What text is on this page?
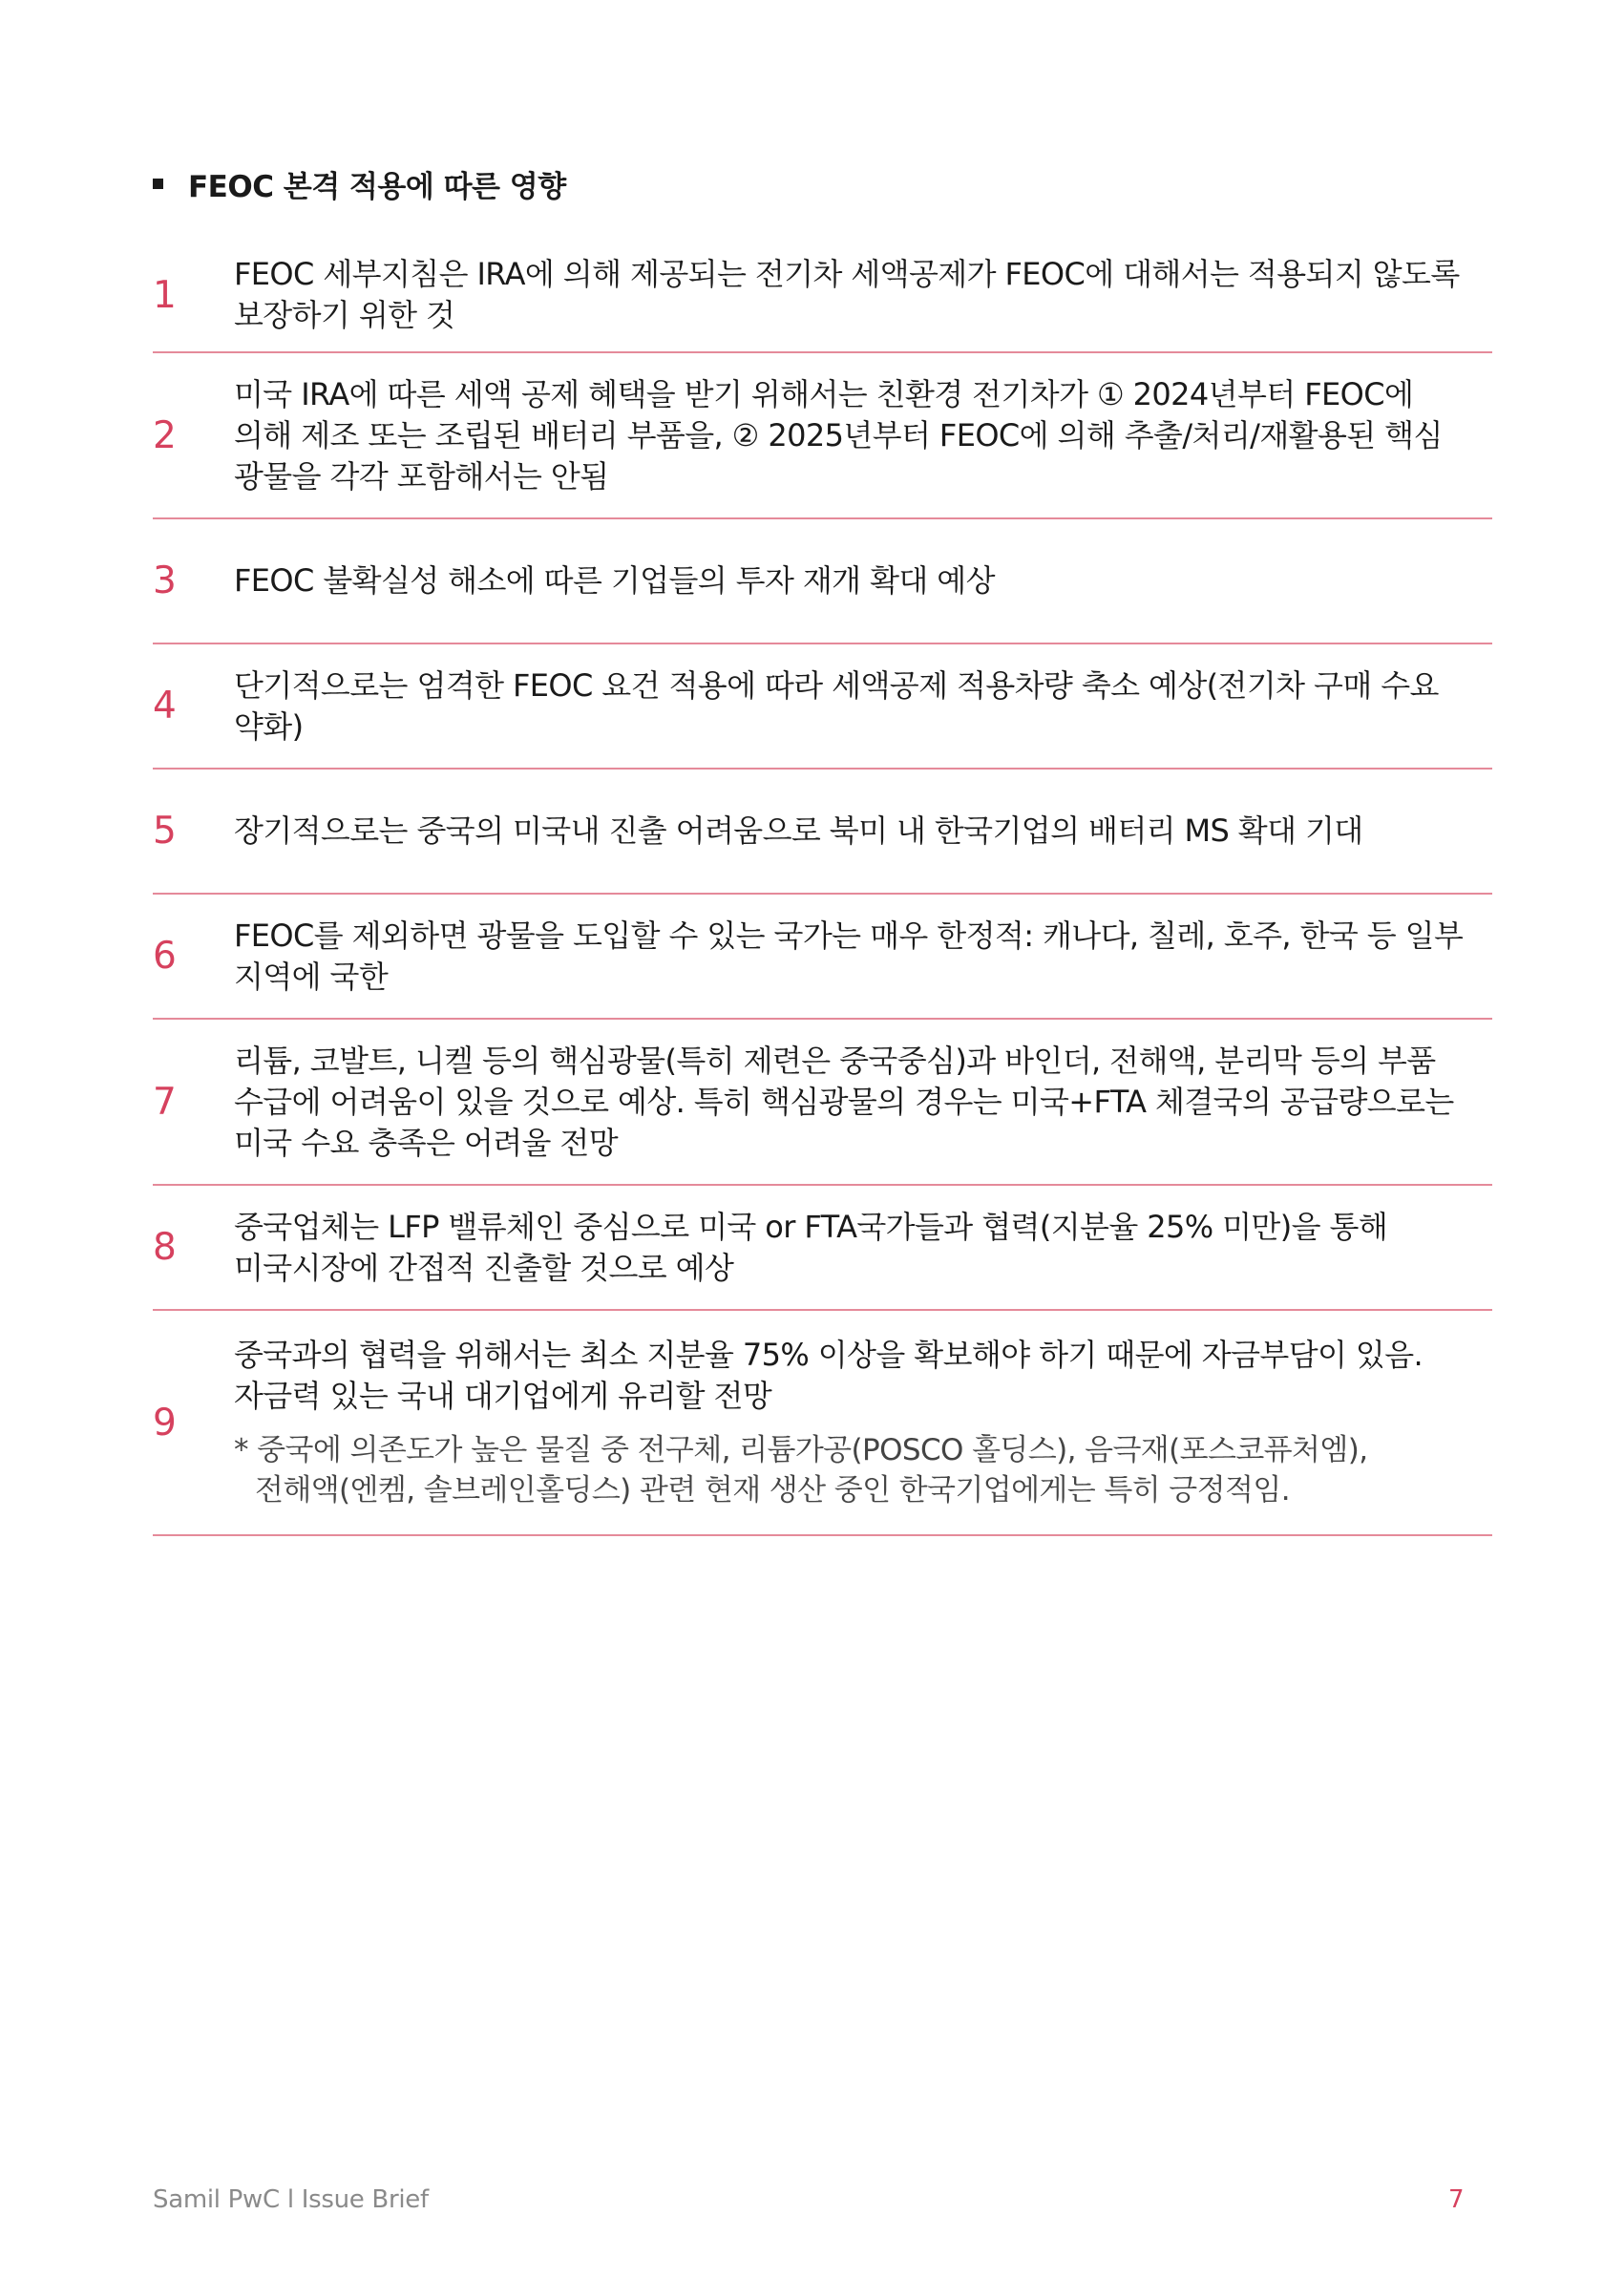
FEOC 본격 적용에 따른 영향
1	FEOC 세부지침은 IRA에 의해 제공되는 전기차 세액공제가 FEOC에 대해서는 적용되지 않도록

보장하기 위한 것

2

미국 IRA에 따른 세액 공제 혜택을 받기 위해서는 친환경 전기차가 ① 2024년부터 FEOC에

의해 제조 또는 조립된 배터리 부품을, ② 2025년부터 FEOC에 의해 추출/처리/재활용된 핵심

광물을 각각 포함해서는 안됨

3	FEOC 불확실성 해소에 따른 기업들의 투자 재개 확대 예상

4	단기적으로는 엄격한 FEOC 요건 적용에 따라 세액공제 적용차량 축소 예상(전기차 구매 수요

약화)

5	장기적으로는 중국의 미국내 진출 어려움으로 북미 내 한국기업의 배터리 MS 확대 기대

6	FEOC를 제외하면 광물을 도입할 수 있는 국가는 매우 한정적: 캐나다, 칠레, 호주, 한국 등 일부

지역에 국한

7

리튬, 코발트, 니켈 등의 핵심광물(특히 제련은 중국중심)과 바인더, 전해액, 분리막 등의 부품

수급에 어려움이 있을 것으로 예상. 특히 핵심광물의 경우는 미국+FTA 체결국의 공급량으로는

미국 수요 충족은 어려울 전망

8	중국업체는 LFP 밸류체인 중심으로 미국 or FTA국가들과 협력(지분율 25% 미만)을 통해

미국시장에 간접적 진출할 것으로 예상

9

중국과의 협력을 위해서는 최소 지분율 75% 이상을 확보해야 하기 때문에 자금부담이 있음.

자금력 있는 국내 대기업에게 유리할 전망

* 중국에 의존도가 높은 물질 중 전구체, 리튬가공(POSCO 홀딩스), 음극재(포스코퓨처엠),
전해액(엔켐, 솔브레인홀딩스) 관련 현재 생산 중인 한국기업에게는 특히 긍정적임.

Samil PwC l Issue Brief	7
